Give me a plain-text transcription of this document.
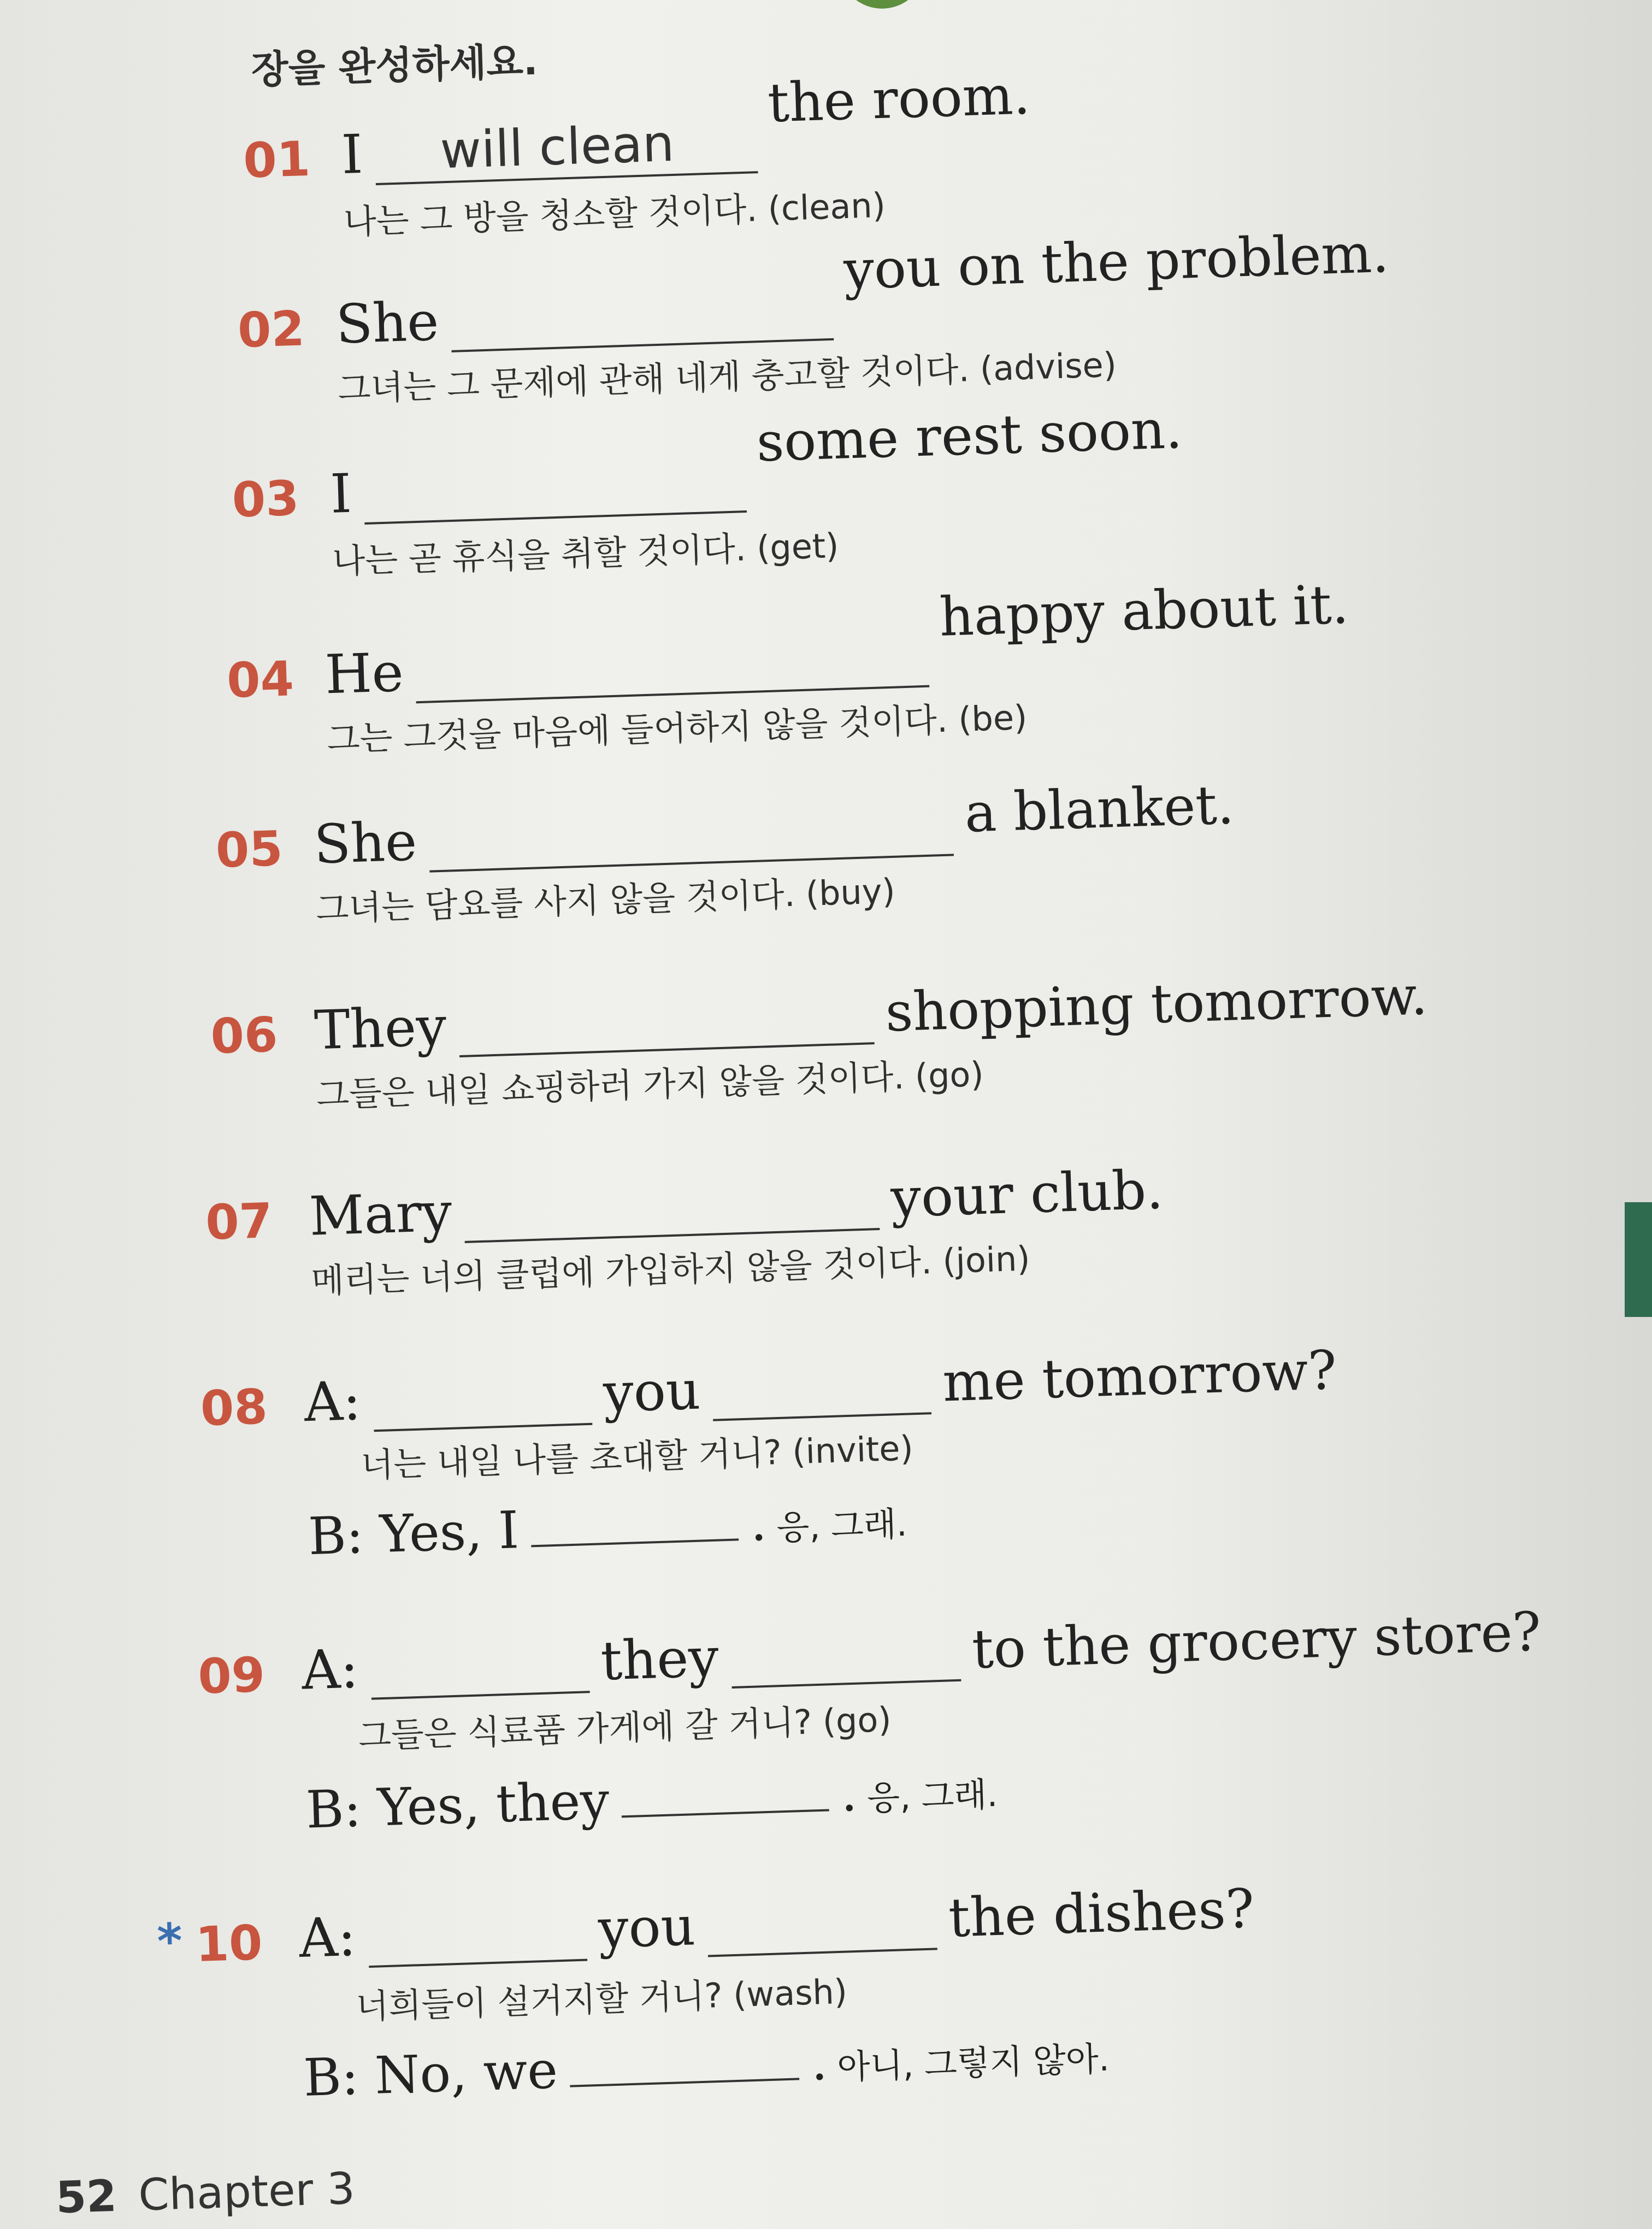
장을 완성하세요.
01 I will clean
the room.
나는 그 방을 청소할 것이다. (clean)
02 Sheyou on the problem.
그녀는 그 문제에 관해 네게 충고할 것이다. (advise)
03 Isome rest soon.
나는 곧 휴식을 취할 것이다. (get)
04 Hehappy about it.
그는 그것을 마음에 들어하지 않을 것이다. (be)
05 She	a blanket.
그녀는 담요를 사지 않을 것이다. (buy)
06 They	shopping tomorrow.
그들은 내일 쇼핑하러 가지 않을 것이다. (go)
07 Mary	your club.
메리는 너의 클럽에 가입하지 않을 것이다. (join)
08 A:	you	me tomorrow?
너는 내일 나를 초대할 거니? (invite)
B: Yes, I	. 응, 그래.
09 A:	they	to the grocery store?
그들은 식료품 가게에 갈 거니? (go)
B: Yes, they	. 응, 그래.
* 10 A:	you	the dishes?
너희들이 설거지할 거니? (wash)
B: No, we	. 아니, 그렇지 않아.
52 Chapter 3
